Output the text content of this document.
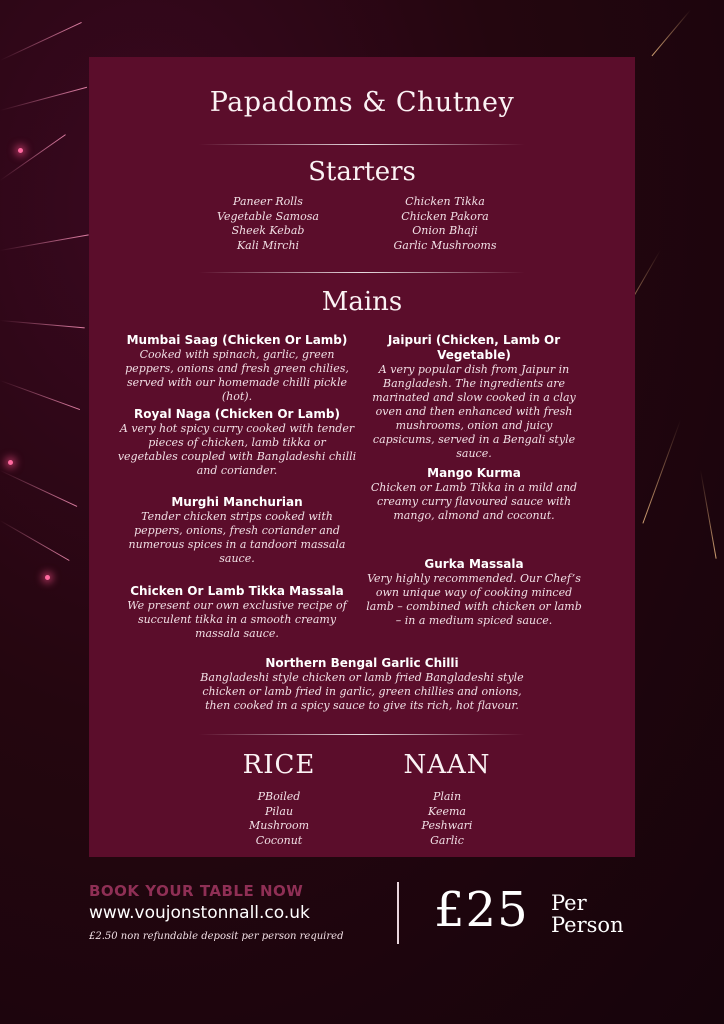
Papadoms & Chutney
Starters
Paneer Rolls
Vegetable Samosa
Sheek Kebab
Kali Mirchi
Chicken Tikka
Chicken Pakora
Onion Bhaji
Garlic Mushrooms
Mains
Mumbai Saag (Chicken Or Lamb)
Cooked with spinach, garlic, green peppers, onions and fresh green chilies, served with our homemade chilli pickle (hot).
Royal Naga (Chicken Or Lamb)
A very hot spicy curry cooked with tender pieces of chicken, lamb tikka or vegetables coupled with Bangladeshi chilli and coriander.
Murghi Manchurian
Tender chicken strips cooked with peppers, onions, fresh coriander and numerous spices in a tandoori massala sauce.
Chicken Or Lamb Tikka Massala
We present our own exclusive recipe of succulent tikka in a smooth creamy massala sauce.
Jaipuri (Chicken, Lamb Or Vegetable)
A very popular dish from Jaipur in Bangladesh. The ingredients are marinated and slow cooked in a clay oven and then enhanced with fresh mushrooms, onion and juicy capsicums, served in a Bengali style sauce.
Mango Kurma
Chicken or Lamb Tikka in a mild and creamy curry flavoured sauce with mango, almond and coconut.
Gurka Massala
Very highly recommended. Our Chef’s own unique way of cooking minced lamb – combined with chicken or lamb – in a medium spiced sauce.
Northern Bengal Garlic Chilli
Bangladeshi style chicken or lamb fried Bangladeshi style chicken or lamb fried in garlic, green chillies and onions, then cooked in a spicy sauce to give its rich, hot flavour.
RICE
PBoiled
Pilau
Mushroom
Coconut
NAAN
Plain
Keema
Peshwari
Garlic
BOOK YOUR TABLE NOW
www.voujonstonnall.co.uk
£2.50 non refundable deposit per person required £25 Per
Person
